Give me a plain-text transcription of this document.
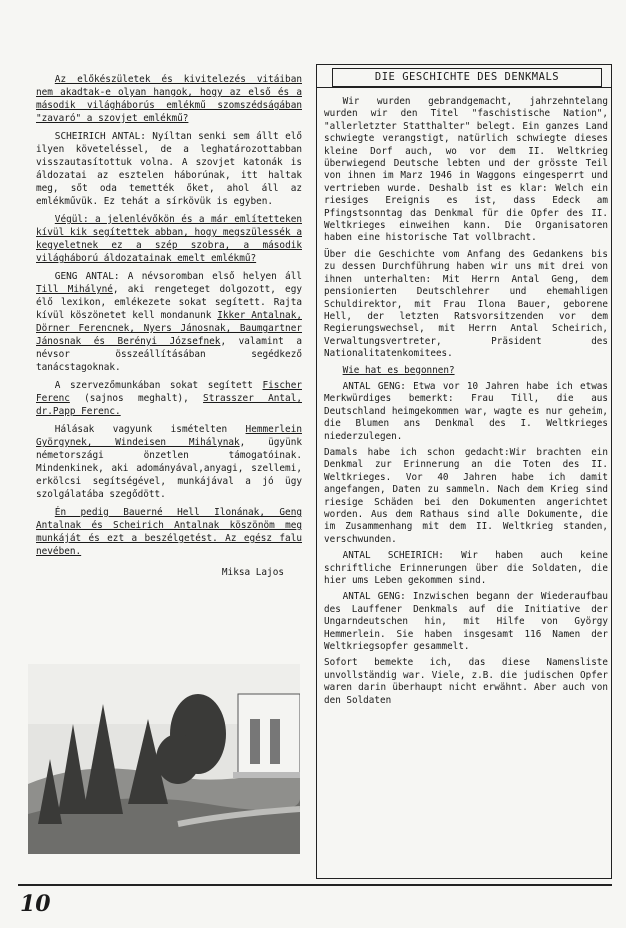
Az előkészületek és kivitelezés vitáiban nem akadtak-e olyan hangok, hogy az első és a második világháborús emlékmű szomszédságában "zavaró" a szovjet emlékmű?

SCHEIRICH ANTAL: Nyíltan senki sem állt elő ilyen követeléssel, de a leghatározottabban visszautasítottuk volna. A szovjet katonák is áldozatai az esztelen háborúnak, itt haltak meg, sőt oda temették őket, ahol áll az emlékművük. Ez tehát a sírkövük is egyben.

Végül: a jelenlévőkön és a már említetteken kívül kik segítettek abban, hogy megszülessék a kegyeletnek ez a szép szobra, a második világháború áldozatainak emelt emlékmű?

GENG ANTAL: A névsoromban első helyen áll Till Mihályné, aki rengeteget dolgozott, egy élő lexikon, emlékezete sokat segített. Rajta kívül köszönetet kell mondanunk Ikker Antalnak, Dörner Ferencnek, Nyers Jánosnak, Baumgartner Jánosnak és Berényi Józsefnek, valamint a névsor összeállításában segédkező tanácstagoknak.

A szervezőmunkában sokat segített Fischer Ferenc (sajnos meghalt), Strasszer Antal, dr.Papp Ferenc.

Hálásak vagyunk ismételten Hemmerlein Györgynek, Windeisen Mihálynak, ügyünk németországi önzetlen támogatóinak. Mindenkinek, aki adományával,anyagi, szellemi, erkölcsi segítségével, munkájával a jó ügy szolgálatába szegődött.

Én pedig Bauerné Hell Ilonának, Geng Antalnak és Scheirich Antalnak köszönöm meg munkáját és ezt a beszélgetést. Az egész falu nevében.

Miksa Lajos

DIE GESCHICHTE DES DENKMALS

Wir wurden gebrandgemacht, jahrzehntelang wurden wir den Titel "faschistische Nation", "allerletzter Statthalter" belegt. Ein ganzes Land schwiegte verangstigt, natürlich schwiegte dieses kleine Dorf auch, wo vor dem II. Weltkrieg überwiegend Deutsche lebten und der grösste Teil von ihnen im Marz 1946 in Waggons eingesperrt und vertrieben wurde. Deshalb ist es klar: Welch ein riesiges Ereignis es ist, dass Edeck am Pfingstsonntag das Denkmal für die Opfer des II. Weltkrieges einweihen kann. Die Organisatoren haben eine historische Tat vollbracht.

Über die Geschichte vom Anfang des Gedankens bis zu dessen Durchführung haben wir uns mit drei von ihnen unterhalten: Mit Herrn Antal Geng, dem pensionierten Deutschlehrer und ehemahligen Schuldirektor, mit Frau Ilona Bauer, geborene Hell, der letzten Ratsvorsitzenden vor dem Regierungswechsel, mit Herrn Antal Scheirich, Verwaltungsvertreter, Präsident des Nationalitatenkomitees.

Wie hat es begonnen?

ANTAL GENG: Etwa vor 10 Jahren habe ich etwas Merkwürdiges bemerkt: Frau Till, die aus Deutschland heimgekommen war, wagte es nur geheim, die Blumen ans Denkmal des I. Weltkrieges niederzulegen.

Damals habe ich schon gedacht:Wir brachten ein Denkmal zur Erinnerung an die Toten des II. Weltkrieges. Vor 40 Jahren habe ich damit angefangen, Daten zu sammeln. Nach dem Krieg sind riesige Schäden bei den Dokumenten angerichtet worden. Aus dem Rathaus sind alle Dokumente, die im Zusammenhang mit dem II. Weltkrieg standen, verschwunden.

ANTAL SCHEIRICH: Wir haben auch keine schriftliche Erinnerungen über die Soldaten, die hier ums Leben gekommen sind.

ANTAL GENG: Inzwischen begann der Wiederaufbau des Lauffener Denkmals auf die Initiative der Ungarndeutschen hin, mit Hilfe von György Hemmerlein. Sie haben insgesamt 116 Namen der Weltkriegsopfer gesammelt.

Sofort bemekte ich, das diese Namensliste unvollständig war. Viele, z.B. die judischen Opfer waren darin überhaupt nicht erwähnt. Aber auch von den Soldaten

10
